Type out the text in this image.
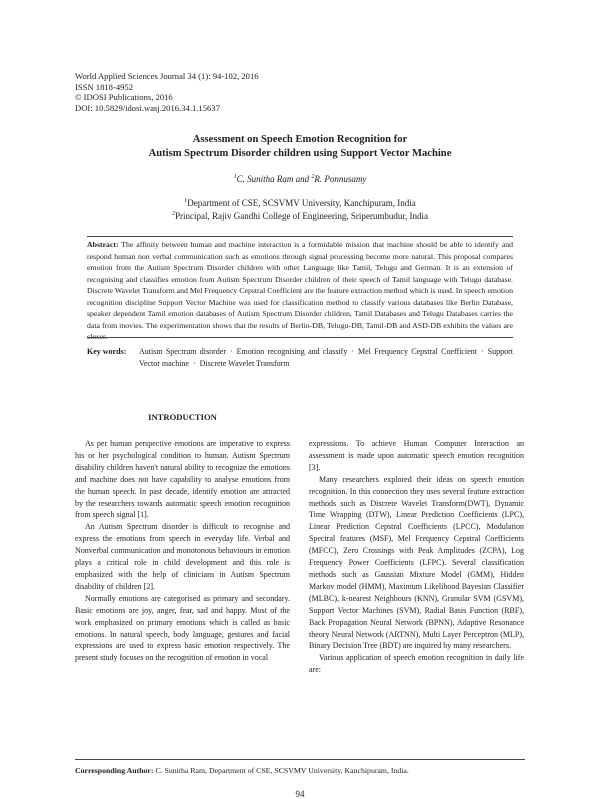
World Applied Sciences Journal 34 (1): 94-102, 2016
ISSN 1818-4952
© IDOSI Publications, 2016
DOI: 10.5829/idosi.wasj.2016.34.1.15637
Assessment on Speech Emotion Recognition for
Autism Spectrum Disorder children using Support Vector Machine
$^1$C. Sunitha Ram and $^2$R. Ponnusamy
$^1$Department of CSE, SCSVMV University, Kanchipuram, India
$^2$Principal, Rajiv Gandhi College of Engineering, Sriperumbudur, India
Abstract: The affinity between human and machine interaction is a formidable mission that machine should be able to identify and respond human non verbal communication such as emotions through signal processing become more natural. This proposal compares emotion from the Autism Spectrum Disorder children with other Language like Tamil, Telugu and German. It is an extension of recognising and classifies emotion from Autism Spectrum Disorder children of their speech of Tamil language with Telugu database. Discrete Wavelet Transform and Mel Frequency Cepstral Coefficient are the feature extraction method which is used. In speech emotion recognition discipline Support Vector Machine was used for classification method to classify various databases like Berlin Database, speaker dependent Tamil emotion databases of Autism Spectrum Disorder children, Tamil Databases and Telugu Databases carries the data from movies. The experimentation shows that the results of Berlin-DB, Telugu-DB, Tamil-DB and ASD-DB exhibits the values are closer.
Key words: Autism Spectrum disorder · Emotion recognising and classify · Mel Frequency Cepstral Coefficient · Support Vector machine · Discrete Wavelet Transform
INTRODUCTION

As per human perspective emotions are imperative to express his or her psychological condition to human. Autism Spectrum disability children haven't natural ability to recognize the emotions and machine does not have capability to analyse emotions from the human speech. In past decade, identify emotion are attracted by the researchers towards automatic speech emotion recognition from speech signal [1].

An Autism Spectrum disorder is difficult to recognise and express the emotions from speech in everyday life. Verbal and Nonverbal communication and monotonous behaviours in emotion plays a critical role in child development and this role is emphasized with the help of clinicians in Autism Spectrum disability of children [2].

Normally emotions are categorised as primary and secondary. Basic emotions are joy, anger, fear, sad and happy. Most of the work emphasized on primary emotions which is called as basic emotions. In natural speech, body language, gestures and facial expressions are used to express basic emotion respectively. The present study focuses on the recognition of emotion in vocal

expressions. To achieve Human Computer Interaction an assessment is made upon automatic speech emotion recognition [3].

Many researchers explored their ideas on speech emotion recognition. In this connection they uses several feature extraction methods such as Discrete Wavelet Transform(DWT), Dynamic Time Wrapping (DTW), Linear Prediction Coefficients (LPC), Linear Prediction Cepstral Coefficients (LPCC), Modulation Spectral features (MSF), Mel Frequency Cepstral Coefficients (MFCC), Zero Crossings with Peak Amplitudes (ZCPA), Log Frequency Power Coefficients (LFPC). Several classification methods such as Gaussian Mixture Model (GMM), Hidden Markov model (HMM), Maximum Likelihood Bayesian Classifier (MLBC), k-nearest Neighbours (KNN), Granular SVM (GSVM), Support Vector Machines (SVM), Radial Basis Function (RBF), Back Propagation Neural Network (BPNN), Adaptive Resonance theory Neural Network (ARTNN), Multi Layer Perceptron (MLP), Binary Decision Tree (BDT) are inquired by many researchers.

Various application of speech emotion recognition in daily life are:

Corresponding Author: C. Sunitha Ram, Department of CSE, SCSVMV University, Kanchipuram, India.
94
